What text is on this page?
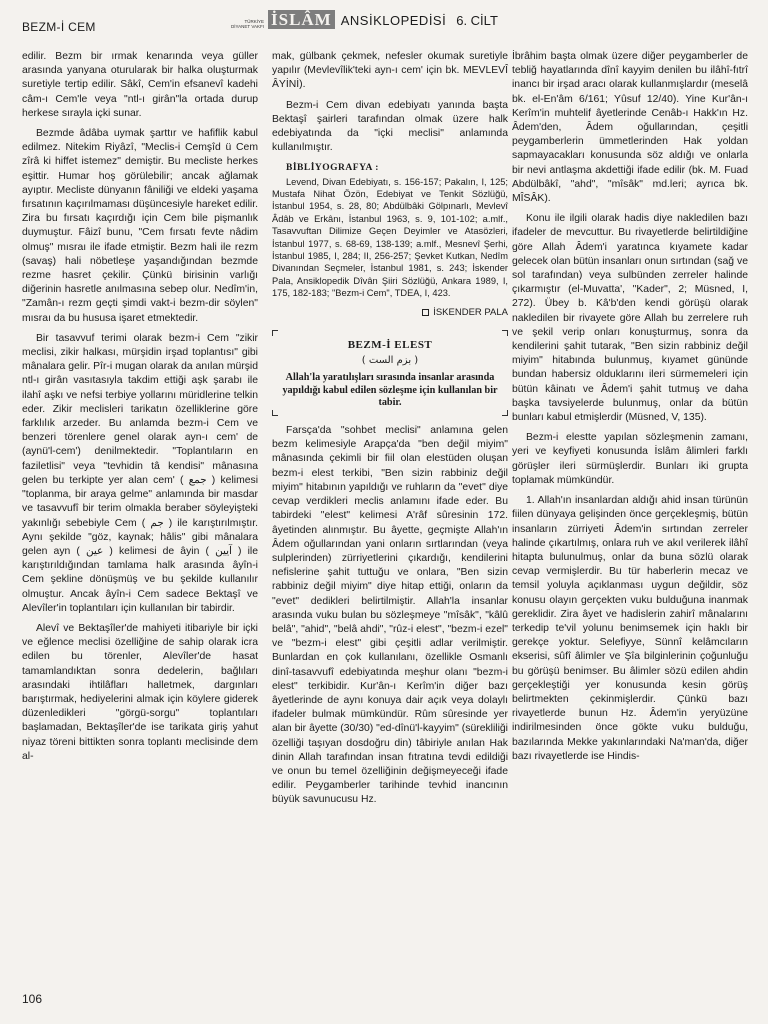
BEZM-İ CEM	TÜRKİYE DİYANET VAKFI İSLÂM ANSİKLOPEDİSİ 6. CİLT

edilir. Bezm bir ırmak kenarında veya güller arasında yanyana oturularak bir halka oluşturmak suretiyle tertip edilir. Sâkî, Cem'in efsanevî kadehi câm-ı Cem'le veya "ntl-ı girân"la ortada durup herkese sırayla içki sunar.

Bezmde âdâba uymak şarttır ve hafiflik kabul edilmez. Nitekim Riyâzî, "Meclis-i Cemşîd ü Cem zîrâ ki hiffet istemez" demiştir. Bu mecliste herkes eşittir. Humar hoş görülebilir; ancak ağlamak ayıptır. Mecliste dünyanın fâniliği ve eldeki yaşama fırsatının kaçırılmaması düşüncesiyle hareket edilir. Zira bu fırsatı kaçırdığı için Cem bile pişmanlık duymuştur. Fâizî bunu, "Cem fırsatı fevte nâdim olmuş" mısraı ile ifade etmiştir. Bezm hali ile rezm (savaş) hali nöbetleşe yaşandığından bezmde rezme hasret çekilir. Çünkü birisinin varlığı diğerinin hasretle anılmasına sebep olur. Nedîm'in, "Zamân-ı rezm geçti şimdi vakt-i bezm-dir söylen" mısraı da bu hususa işaret etmektedir.

Bir tasavvuf terimi olarak bezm-i Cem "zikir meclisi, zikir halkası, mürşidin irşad toplantısı" gibi mânalara gelir. Pîr-i mugan olarak da anılan mürşid ntl-ı girân vasıtasıyla takdim ettiği aşk şarabı ile ilahî aşkı ve nefsi terbiye yollarını müridlerine telkin eder. Zikir meclisleri tarikatın özelliklerine göre farklılık arzeder. Bu anlamda bezm-i Cem ve benzeri törenlere genel olarak ayn-ı cem' de (aynü'l-cem') denilmektedir. "Toplantıların en faziletlisi" veya "tevhidin tâ kendisi" mânasına gelen bu terkipte yer alan cem' ( جمع ) kelimesi "toplanma, bir araya gelme" anlamında bir masdar ve tasavvufî bir terim olmakla beraber söyleyişteki yakınlığı sebebiyle Cem ( جم ) ile karıştırılmıştır. Aynı şekilde "göz, kaynak; hâlis" gibi mânalara gelen ayn ( عين ) kelimesi de âyin ( آيين ) ile karıştırıldığından tamlama halk arasında âyîn-i Cem şekline dönüşmüş ve bu şekilde kullanılır olmuştur. Ancak âyîn-i Cem sadece Bektaşî ve Alevîler'in toplantıları için kullanılan bir tabirdir.

Alevî ve Bektaşîler'de mahiyeti itibariyle bir içki ve eğlence meclisi özelliğine de sahip olarak icra edilen bu törenler, Alevîler'de hasat tamamlandıktan sonra dedelerin, bağlıları arasındaki ihtilâfları halletmek, dargınları barıştırmak, hediyelerini almak için köylere giderek düzenledikleri "görgü-sorgu" toplantıları başlamadan, Bektaşîler'de ise tarikata giriş yahut niyaz töreni bittikten sonra toplantı meclisinde dem al-

mak, gülbank çekmek, nefesler okumak suretiyle yapılır (Mevlevîlik'teki ayn-ı cem' için bk. MEVLEVÎ ÂYİNİ).

Bezm-i Cem divan edebiyatı yanında başta Bektaşî şairleri tarafından olmak üzere halk edebiyatında da "içki meclisi" anlamında kullanılmıştır.

BİBLİYOGRAFYA :

Levend, Divan Edebiyatı, s. 156-157; Pakalın, I, 125; Mustafa Nihat Özön, Edebiyat ve Tenkit Sözlüğü, İstanbul 1954, s. 28, 80; Abdülbâki Gölpınarlı, Mevlevî Âdâb ve Erkânı, İstanbul 1963, s. 9, 101-102; a.mlf., Tasavvuftan Dilimize Geçen Deyimler ve Atasözleri, İstanbul 1977, s. 68-69, 138-139; a.mlf., Mesnevî Şerhi, İstanbul 1985, I, 284; II, 256-257; Şevket Kutkan, Nedîm Divanından Seçmeler, İstanbul 1981, s. 243; İskender Pala, Ansiklopedik Dîvân Şiiri Sözlüğü, Ankara 1989, I, 175, 182-183; "Bezm-i Cem", TDEA, I, 423.

İSKENDER PALA
BEZM-İ ELEST
( بزم الست )
Allah'la yaratılışları sırasında insanlar arasında yapıldığı kabul edilen sözleşme için kullanılan bir tabir.

Farsça'da "sohbet meclisi" anlamına gelen bezm kelimesiyle Arapça'da "ben değil miyim" mânasında çekimli bir fiil olan elestüden oluşan bezm-i elest terkibi, "Ben sizin rabbiniz değil miyim" hitabının yapıldığı ve ruhların da "evet" diye cevap verdikleri meclis anlamını ifade eder. Bu tabirdeki "elest" kelimesi A'râf sûresinin 172. âyetinden alınmıştır. Bu âyette, geçmişte Allah'ın Âdem oğullarından yani onların sırtlarından (veya sulplerinden) zürriyetlerini çıkardığı, kendilerini nefislerine şahit tuttuğu ve onlara, "Ben sizin rabbiniz değil miyim" diye hitap ettiği, onların da "evet" dedikleri belirtilmiştir. Allah'la insanlar arasında vuku bulan bu sözleşmeye "mîsâk", "kâlû belâ", "ahid", "belâ ahdi", "rûz-i elest", "bezm-i ezel" ve "bezm-i elest" gibi çeşitli adlar verilmiştir. Bunlardan en çok kullanılanı, özellikle Osmanlı dinî-tasavvufî edebiyatında meşhur olanı "bezm-i elest" terkibidir. Kur'ân-ı Kerîm'in diğer bazı âyetlerinde de aynı konuya dair açık veya dolaylı ifadeler bulmak mümkündür. Rûm sûresinde yer alan bir âyette (30/30) "ed-dînü'l-kayyim" (sürekliliği özelliği taşıyan dosdoğru din) tâbiriyle anılan Hak dinin Allah tarafından insan fıtratına tevdi edildiği ve onun bu temel özelliğinin değişmeyeceği ifade edilir. Peygamberler tarihinde tevhid inancının büyük savunucusu Hz.

İbrâhim başta olmak üzere diğer peygamberler de tebliğ hayatlarında dînî kayyim denilen bu ilâhî-fıtrî inancı bir irşad aracı olarak kullanmışlardır (meselâ bk. el-En'âm 6/161; Yûsuf 12/40). Yine Kur'ân-ı Kerîm'in muhtelif âyetlerinde Cenâb-ı Hakk'ın Hz. Âdem'den, Âdem oğullarından, çeşitli peygamberlerin ümmetlerinden Hak yoldan sapmayacakları konusunda söz aldığı ve onlarla bir nevi antlaşma akdettiği ifade edilir (bk. M. Fuad Abdülbâkî, "ahd", "mîsâk" md.leri; ayrıca bk. MÎSÂK).

Konu ile ilgili olarak hadis diye nakledilen bazı ifadeler de mevcuttur. Bu rivayetlerde belirtildiğine göre Allah Âdem'i yaratınca kıyamete kadar gelecek olan bütün insanları onun sırtından (sağ ve sol tarafından) veya sulbünden zerreler halinde çıkarmıştır (el-Muvatta', "Kader", 2; Müsned, I, 272). Übey b. Kâ'b'den kendi görüşü olarak nakledilen bir rivayete göre Allah bu zerrelere ruh ve şekil verip onları konuşturmuş, sonra da kendilerini şahit tutarak, "Ben sizin rabbiniz değil miyim" hitabında bulunmuş, kıyamet gününde bundan habersiz olduklarını ileri sürmemeleri için bütün kâinatı ve Âdem'i şahit tutmuş ve daha başka tavsiyelerde bulunmuş, onlar da bütün bunları kabul etmişlerdir (Müsned, V, 135).

Bezm-i elestte yapılan sözleşmenin zamanı, yeri ve keyfiyeti konusunda İslâm âlimleri farklı görüşler ileri sürmüşlerdir. Bunları iki grupta toplamak mümkündür.

1. Allah'ın insanlardan aldığı ahid insan türünün fiilen dünyaya gelişinden önce gerçekleşmiş, bütün insanların zürriyeti Âdem'in sırtından zerreler halinde çıkartılmış, onlara ruh ve akıl verilerek ilâhî hitapta bulunulmuş, onlar da buna sözlü olarak cevap vermişlerdir. Bu tür haberlerin mecaz ve temsil yoluyla açıklanması uygun değildir, söz konusu olayın gerçekten vuku bulduğuna inanmak gereklidir. Zira âyet ve hadislerin zahirî mânalarını terkedip te'vil yolunu benimsemek için haklı bir gerekçe yoktur. Selefiyye, Sünnî kelâmcıların ekserisi, sûfî âlimler ve Şîa bilginlerinin çoğunluğu bu görüşü benimser. Bu âlimler sözü edilen ahdin gerçekleştiği yer konusunda kesin görüş belirtmekten çekinmişlerdir. Çünkü bazı rivayetlerde bunun Hz. Âdem'in yeryüzüne indirilmesinden önce gökte vuku bulduğu, bazılarında Mekke yakınlarındaki Na'man'da, diğer bazı rivayetlerde ise Hindis-

106
